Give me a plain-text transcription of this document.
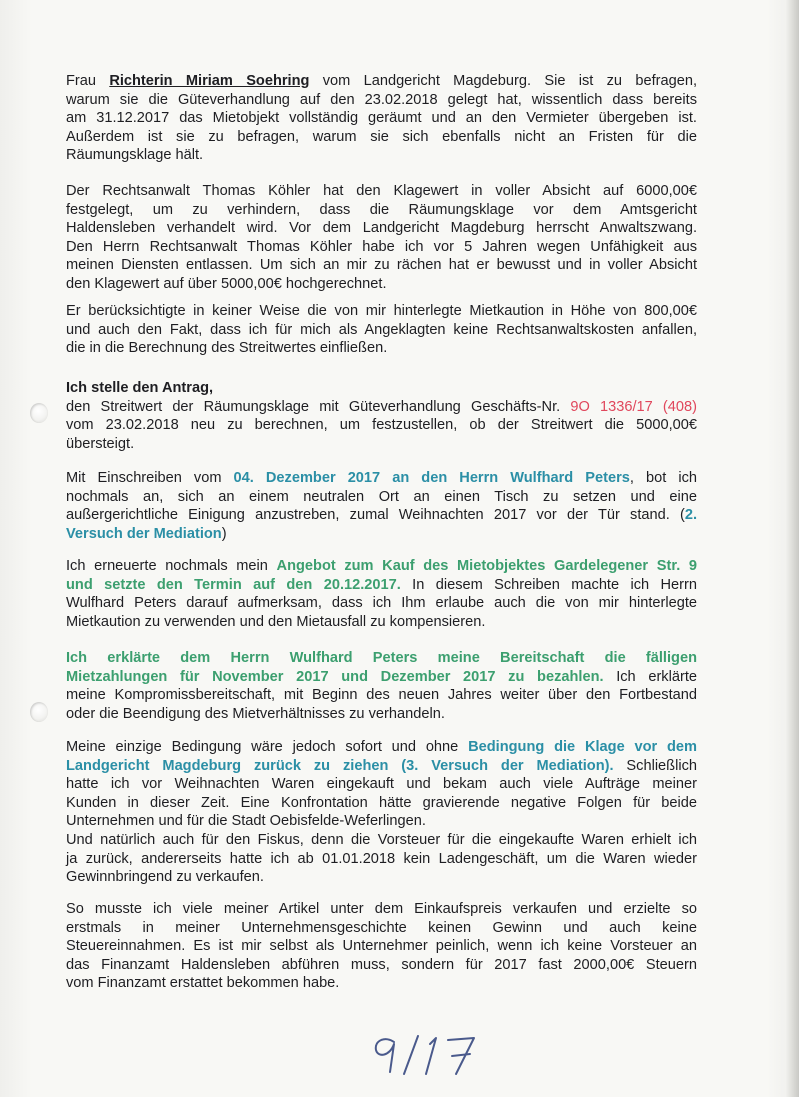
Frau Richterin Miriam Soehring vom Landgericht Magdeburg. Sie ist zu befragen,
warum sie die Güteverhandlung auf den 23.02.2018 gelegt hat, wissentlich dass bereits
am 31.12.2017 das Mietobjekt vollständig geräumt und an den Vermieter übergeben ist.
Außerdem ist sie zu befragen, warum sie sich ebenfalls nicht an Fristen für die
Räumungsklage hält.
Der Rechtsanwalt Thomas Köhler hat den Klagewert in voller Absicht auf 6000,00€
festgelegt, um zu verhindern, dass die Räumungsklage vor dem Amtsgericht
Haldensleben verhandelt wird. Vor dem Landgericht Magdeburg herrscht Anwaltszwang.
Den Herrn Rechtsanwalt Thomas Köhler habe ich vor 5 Jahren wegen Unfähigkeit aus
meinen Diensten entlassen. Um sich an mir zu rächen hat er bewusst und in voller Absicht
den Klagewert auf über 5000,00€ hochgerechnet.
Er berücksichtigte in keiner Weise die von mir hinterlegte Mietkaution in Höhe von 800,00€
und auch den Fakt, dass ich für mich als Angeklagten keine Rechtsanwaltskosten anfallen,
die in die Berechnung des Streitwertes einfließen.
Ich stelle den Antrag,
den Streitwert der Räumungsklage mit Güteverhandlung Geschäfts-Nr. 9O 1336/17 (408)
vom 23.02.2018 neu zu berechnen, um festzustellen, ob der Streitwert die 5000,00€
übersteigt.
Mit Einschreiben vom 04. Dezember 2017 an den Herrn Wulfhard Peters, bot ich
nochmals an, sich an einem neutralen Ort an einen Tisch zu setzen und eine
außergerichtliche Einigung anzustreben, zumal Weihnachten 2017 vor der Tür stand. (2.
Versuch der Mediation)
Ich erneuerte nochmals mein Angebot zum Kauf des Mietobjektes Gardelegener Str. 9
und setzte den Termin auf den 20.12.2017. In diesem Schreiben machte ich Herrn
Wulfhard Peters darauf aufmerksam, dass ich Ihm erlaube auch die von mir hinterlegte
Mietkaution zu verwenden und den Mietausfall zu kompensieren.
Ich erklärte dem Herrn Wulfhard Peters meine Bereitschaft die fälligen
Mietzahlungen für November 2017 und Dezember 2017 zu bezahlen. Ich erklärte
meine Kompromissbereitschaft, mit Beginn des neuen Jahres weiter über den Fortbestand
oder die Beendigung des Mietverhältnisses zu verhandeln.
Meine einzige Bedingung wäre jedoch sofort und ohne Bedingung die Klage vor dem
Landgericht Magdeburg zurück zu ziehen (3. Versuch der Mediation). Schließlich
hatte ich vor Weihnachten Waren eingekauft und bekam auch viele Aufträge meiner
Kunden in dieser Zeit. Eine Konfrontation hätte gravierende negative Folgen für beide
Unternehmen und für die Stadt Oebisfelde-Weferlingen.
Und natürlich auch für den Fiskus, denn die Vorsteuer für die eingekaufte Waren erhielt ich
ja zurück, andererseits hatte ich ab 01.01.2018 kein Ladengeschäft, um die Waren wieder
Gewinnbringend zu verkaufen.
So musste ich viele meiner Artikel unter dem Einkaufspreis verkaufen und erzielte so
erstmals in meiner Unternehmensgeschichte keinen Gewinn und auch keine
Steuereinnahmen. Es ist mir selbst als Unternehmer peinlich, wenn ich keine Vorsteuer an
das Finanzamt Haldensleben abführen muss, sondern für 2017 fast 2000,00€ Steuern
vom Finanzamt erstattet bekommen habe.
